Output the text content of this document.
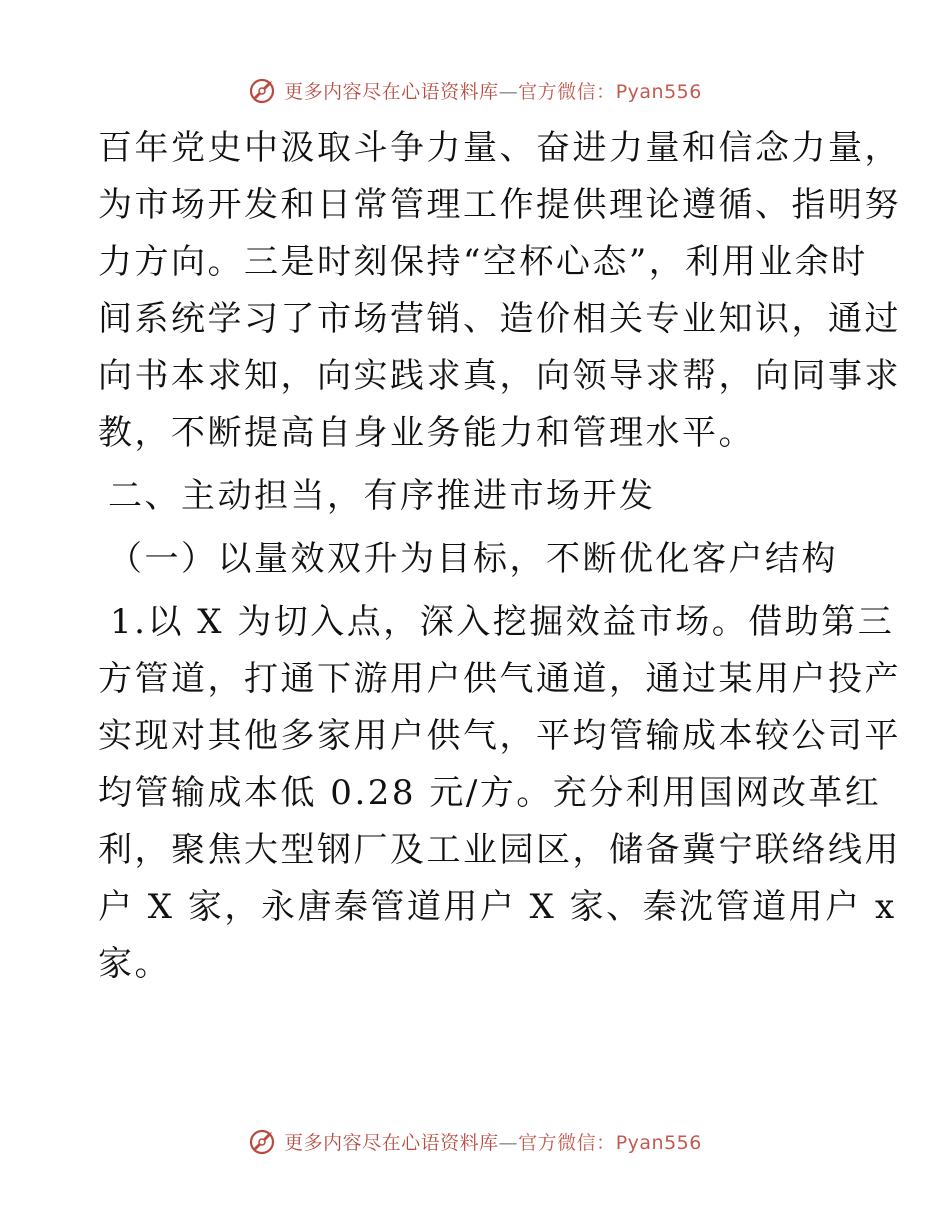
更多内容尽在心语资料库—官方微信：Pyan556
百年党史中汲取斗争力量、奋进力量和信念力量，
为市场开发和日常管理工作提供理论遵循、指明努
力方向。三是时刻保持“空杯心态”，利用业余时
间系统学习了市场营销、造价相关专业知识，通过
向书本求知，向实践求真，向领导求帮，向同事求
教，不断提高自身业务能力和管理水平。
二、主动担当，有序推进市场开发
（一）以量效双升为目标，不断优化客户结构
1.以 X 为切入点，深入挖掘效益市场。借助第三
方管道，打通下游用户供气通道，通过某用户投产
实现对其他多家用户供气，平均管输成本较公司平
均管输成本低 0.28 元/方。充分利用国网改革红
利，聚焦大型钢厂及工业园区，储备冀宁联络线用
户 X 家，永唐秦管道用户 X 家、秦沈管道用户 x
家。
更多内容尽在心语资料库—官方微信：Pyan556
